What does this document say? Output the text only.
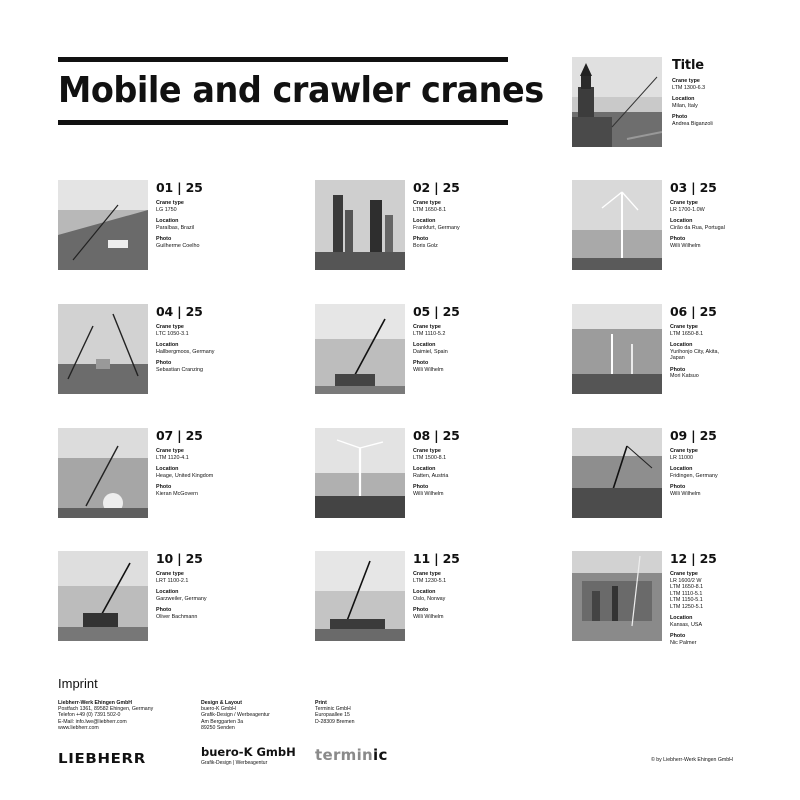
Mobile and crawler cranes
Title
Crane type
LTM 1300-6.3
Location
Milan, Italy
Photo
Andrea Biganzoli
01 | 25
Crane type
LG 1750
Location
Paraíbas, Brazil
Photo
Guilherme Coelho
02 | 25
Crane type
LTM 1650-8.1
Location
Frankfurt, Germany
Photo
Boris Golz
03 | 25
Crane type
LR 1700-1.0W
Location
Cirão da Rua, Portugal
Photo
Willi Wilhelm
04 | 25
Crane type
LTC 1050-3.1
Location
Hallbergmoos, Germany
Photo
Sebastian Cranzing
05 | 25
Crane type
LTM 1110-5.2
Location
Daimiel, Spain
Photo
Willi Wilhelm
06 | 25
Crane type
LTM 1650-8.1
Location
Yurihonjo City, Akita,
Japan
Photo
Mori Katsuo
07 | 25
Crane type
LTM 1120-4.1
Location
Heage, United Kingdom
Photo
Kieran McGovern
08 | 25
Crane type
LTM 1500-8.1
Location
Ratten, Austria
Photo
Willi Wilhelm
09 | 25
Crane type
LR 11000
Location
Fridingen, Germany
Photo
Willi Wilhelm
10 | 25
Crane type
LRT 1100-2.1
Location
Garzweiler, Germany
Photo
Oliver Bachmann
11 | 25
Crane type
LTM 1230-5.1
Location
Oslo, Norway
Photo
Willi Wilhelm
12 | 25
Crane type
LR 1600/2 W
LTM 1650-8.1
LTM 1110-5.1
LTM 1150-5.1
LTM 1250-5.1
Location
Kansas, USA
Photo
Nic Palmer
Imprint
Liebherr-Werk Ehingen GmbH
Postfach 1361, 89582 Ehingen, Germany
Telefon +49 (0) 7391 502-0
E-Mail: info.lwe@liebherr.com
www.liebherr.com
Design & Layout
buero-K GmbH
Grafik-Design / Werbeagentur
Am Berggarten 3a
89250 Senden
Print
Terminic GmbH
Europaallee 15
D-28309 Bremen
LIEBHERR	buero-K GmbH
Grafik-Design | Werbeagentur	terminic	© by Liebherr-Werk Ehingen GmbH
